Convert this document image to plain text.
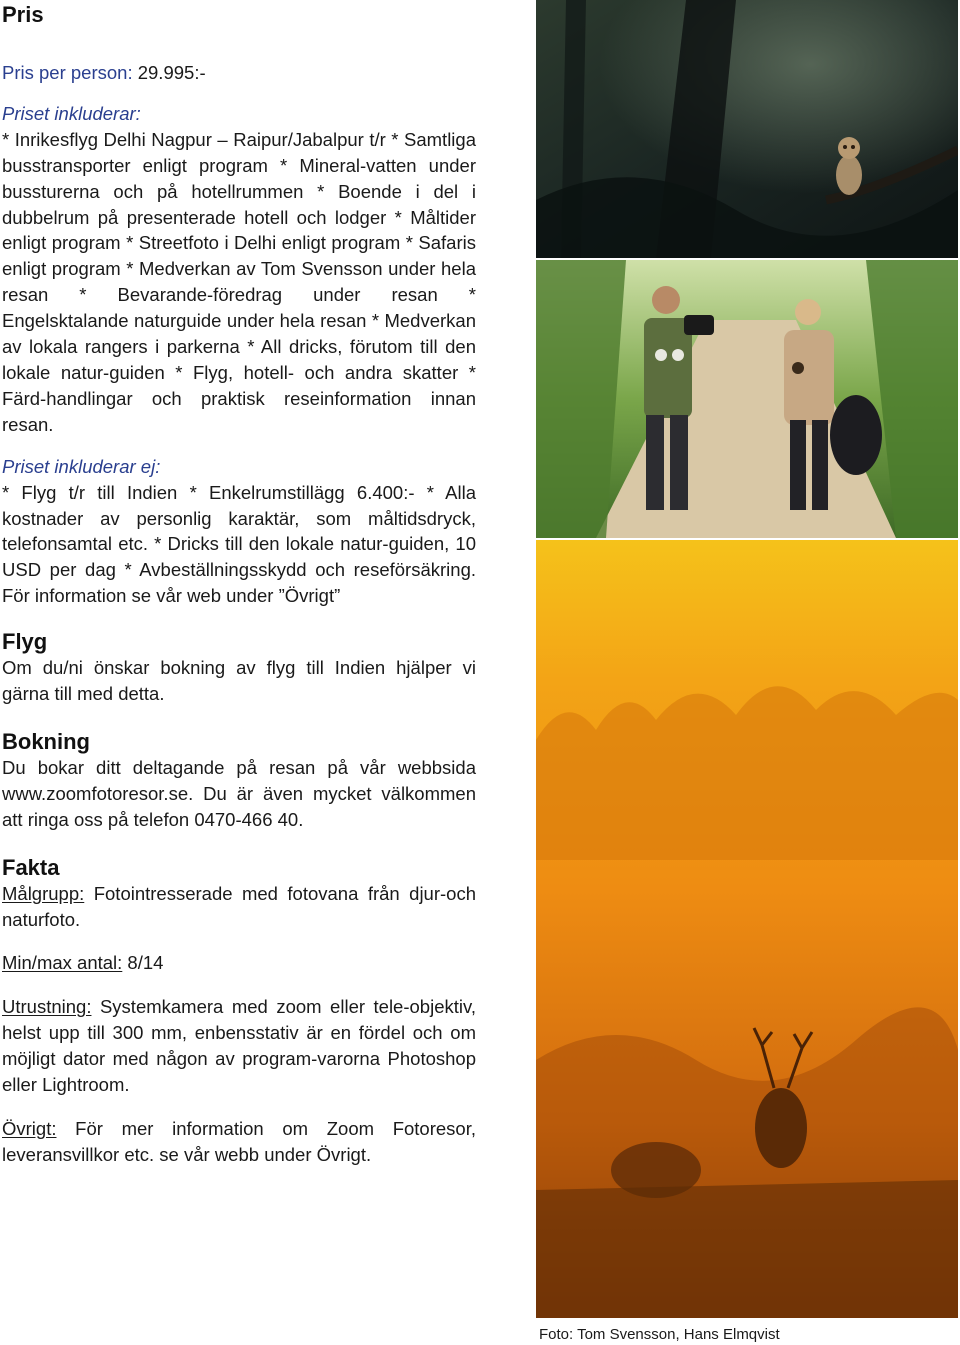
Pris

Pris per person: 29.995:-

Priset inkluderar:

* Inrikesflyg Delhi Nagpur – Raipur/Jabalpur t/r * Samtliga busstransporter enligt program * Mineral-vatten under bussturerna och på hotellrummen * Boende i del i dubbelrum på presenterade hotell och lodger * Måltider enligt program * Streetfoto i Delhi enligt program * Safaris enligt program * Medverkan av Tom Svensson under hela resan * Bevarande-föredrag under resan * Engelsktalande naturguide under hela resan * Medverkan av lokala rangers i parkerna * All dricks, förutom till den lokale natur-guiden * Flyg, hotell- och andra skatter * Färd-handlingar och praktisk reseinformation innan resan.

Priset inkluderar ej:

* Flyg t/r till Indien * Enkelrumstillägg 6.400:- * Alla kostnader av personlig karaktär, som måltidsdryck, telefonsamtal etc. * Dricks till den lokale natur-guiden, 10 USD per dag * Avbeställningsskydd och reseförsäkring. För information se vår web under ”Övrigt”

Flyg

Om du/ni önskar bokning av flyg till Indien hjälper vi gärna till med detta.

Bokning

Du bokar ditt deltagande på resan på vår webbsida www.zoomfotoresor.se. Du är även mycket välkommen att ringa oss på telefon 0470-466 40.

Fakta

Målgrupp: Fotointresserade med fotovana från djur-och naturfoto.

Min/max antal: 8/14

Utrustning: Systemkamera med zoom eller tele-objektiv, helst upp till 300 mm, enbensstativ är en fördel och om möjligt dator med någon av program-varorna Photoshop eller Lightroom.

Övrigt: För mer information om Zoom Fotoresor, leveransvillkor etc. se vår webb under Övrigt.

Foto: Tom Svensson, Hans Elmqvist
